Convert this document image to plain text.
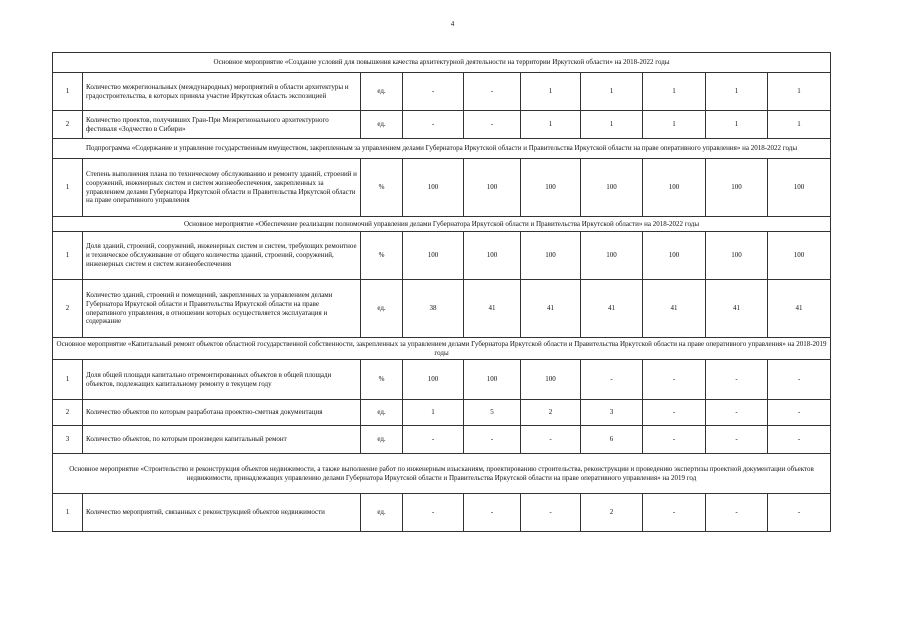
4
Основное мероприятие «Создание условий для повышения качества архитектурной деятельности на территории Иркутской области» на 2018-2022 годы									
1	Количество межрегиональных (международных) мероприятий в области архитектуры и градостроительства, в которых приняла участие Иркутская область экспозицией	ед.	-	-	1	1	1	1	1
2	Количество проектов, получивших Гран-При Межрегионального архитектурного фестиваля «Зодчество в Сибири»	ед.	-	-	1	1	1	1	1
Подпрограмма «Содержание и управление государственным имуществом, закрепленным за управлением делами Губернатора Иркутской области и Правительства Иркутской области на праве оперативного управления» на 2018-2022 годы									
1	Степень выполнения плана по техническому обслуживанию и ремонту зданий, строений и сооружений, инженерных систем и систем жизнеобеспечения, закрепленных за управлением делами Губернатора Иркутской области и Правительства Иркутской области на праве оперативного управления	%	100	100	100	100	100	100	100
Основное мероприятие «Обеспечение реализации полномочий управления делами Губернатора Иркутской области и Правительства Иркутской области» на 2018-2022 годы									
1	Доля зданий, строений, сооружений, инженерных систем и систем, требующих ремонтное и техническое обслуживание от общего количества зданий, строений, сооружений, инженерных систем и систем жизнеобеспечения	%	100	100	100	100	100	100	100
2	Количество зданий, строений и помещений, закрепленных за управлением делами Губернатора Иркутской области и Правительства Иркутской области на праве оперативного управления, в отношении которых осуществляется эксплуатация и содержание	ед.	38	41	41	41	41	41	41
Основное мероприятие «Капитальный ремонт объектов областной государственной собственности, закрепленных за управлением делами Губернатора Иркутской области и Правительства Иркутской области на праве оперативного управления» на 2018-2019 годы									
1	Доля общей площади капитально отремонтированных объектов в общей площади объектов, подлежащих капитальному ремонту в текущем году	%	100	100	100	-	-	-	-
2	Количество объектов по которым разработана проектно-сметная документация	ед.	1	5	2	3	-	-	-
3	Количество объектов, по которым произведен капитальный ремонт	ед.	-	-	-	6	-	-	-
Основное мероприятие «Строительство и реконструкция объектов недвижимости, а также выполнение работ по инженерным изысканиям, проектированию строительства, реконструкции и проведению экспертизы проектной документации объектов недвижимости, принадлежащих управлению делами Губернатора Иркутской области и Правительства Иркутской области на праве оперативного управления» на 2019 год									
1	Количество мероприятий, связанных с реконструкцией объектов недвижимости	ед.	-	-	-	2	-	-	-
